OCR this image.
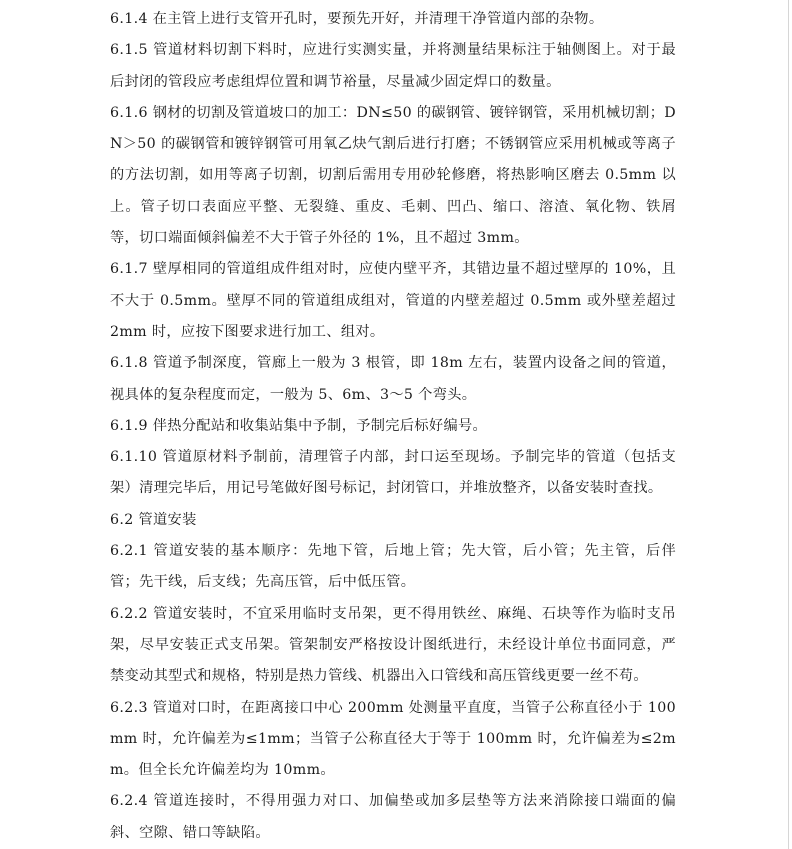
6.1.4 在主管上进行支管开孔时，要预先开好，并清理干净管道内部的杂物。

6.1.5 管道材料切割下料时，应进行实测实量，并将测量结果标注于轴侧图上。对于最后封闭的管段应考虑组焊位置和调节裕量，尽量减少固定焊口的数量。

6.1.6 钢材的切割及管道坡口的加工：DN≤50 的碳钢管、镀锌钢管，采用机械切割；DN＞50 的碳钢管和镀锌钢管可用氧乙炔气割后进行打磨；不锈钢管应采用机械或等离子的方法切割，如用等离子切割，切割后需用专用砂轮修磨，将热影响区磨去 0.5mm 以上。管子切口表面应平整、无裂缝、重皮、毛刺、凹凸、缩口、溶渣、氧化物、铁屑等，切口端面倾斜偏差不大于管子外径的 1%，且不超过 3mm。

6.1.7 壁厚相同的管道组成件组对时，应使内壁平齐，其错边量不超过壁厚的 10%，且不大于 0.5mm。壁厚不同的管道组成组对，管道的内壁差超过 0.5mm 或外壁差超过 2mm 时，应按下图要求进行加工、组对。

6.1.8 管道予制深度，管廊上一般为 3 根管，即 18m 左右，装置内设备之间的管道，视具体的复杂程度而定，一般为 5、6m、3～5 个弯头。

6.1.9 伴热分配站和收集站集中予制，予制完后标好编号。

6.1.10 管道原材料予制前，清理管子内部，封口运至现场。予制完毕的管道（包括支架）清理完毕后，用记号笔做好图号标记，封闭管口，并堆放整齐，以备安装时查找。

6.2 管道安装

6.2.1 管道安装的基本顺序：先地下管，后地上管；先大管，后小管；先主管，后伴管；先干线，后支线；先高压管，后中低压管。

6.2.2 管道安装时，不宜采用临时支吊架，更不得用铁丝、麻绳、石块等作为临时支吊架，尽早安装正式支吊架。管架制安严格按设计图纸进行，未经设计单位书面同意，严禁变动其型式和规格，特别是热力管线、机器出入口管线和高压管线更要一丝不苟。

6.2.3 管道对口时，在距离接口中心 200mm 处测量平直度，当管子公称直径小于 100mm 时，允许偏差为≤1mm；当管子公称直径大于等于 100mm 时，允许偏差为≤2mm。但全长允许偏差均为 10mm。

6.2.4 管道连接时，不得用强力对口、加偏垫或加多层垫等方法来消除接口端面的偏斜、空隙、错口等缺陷。
